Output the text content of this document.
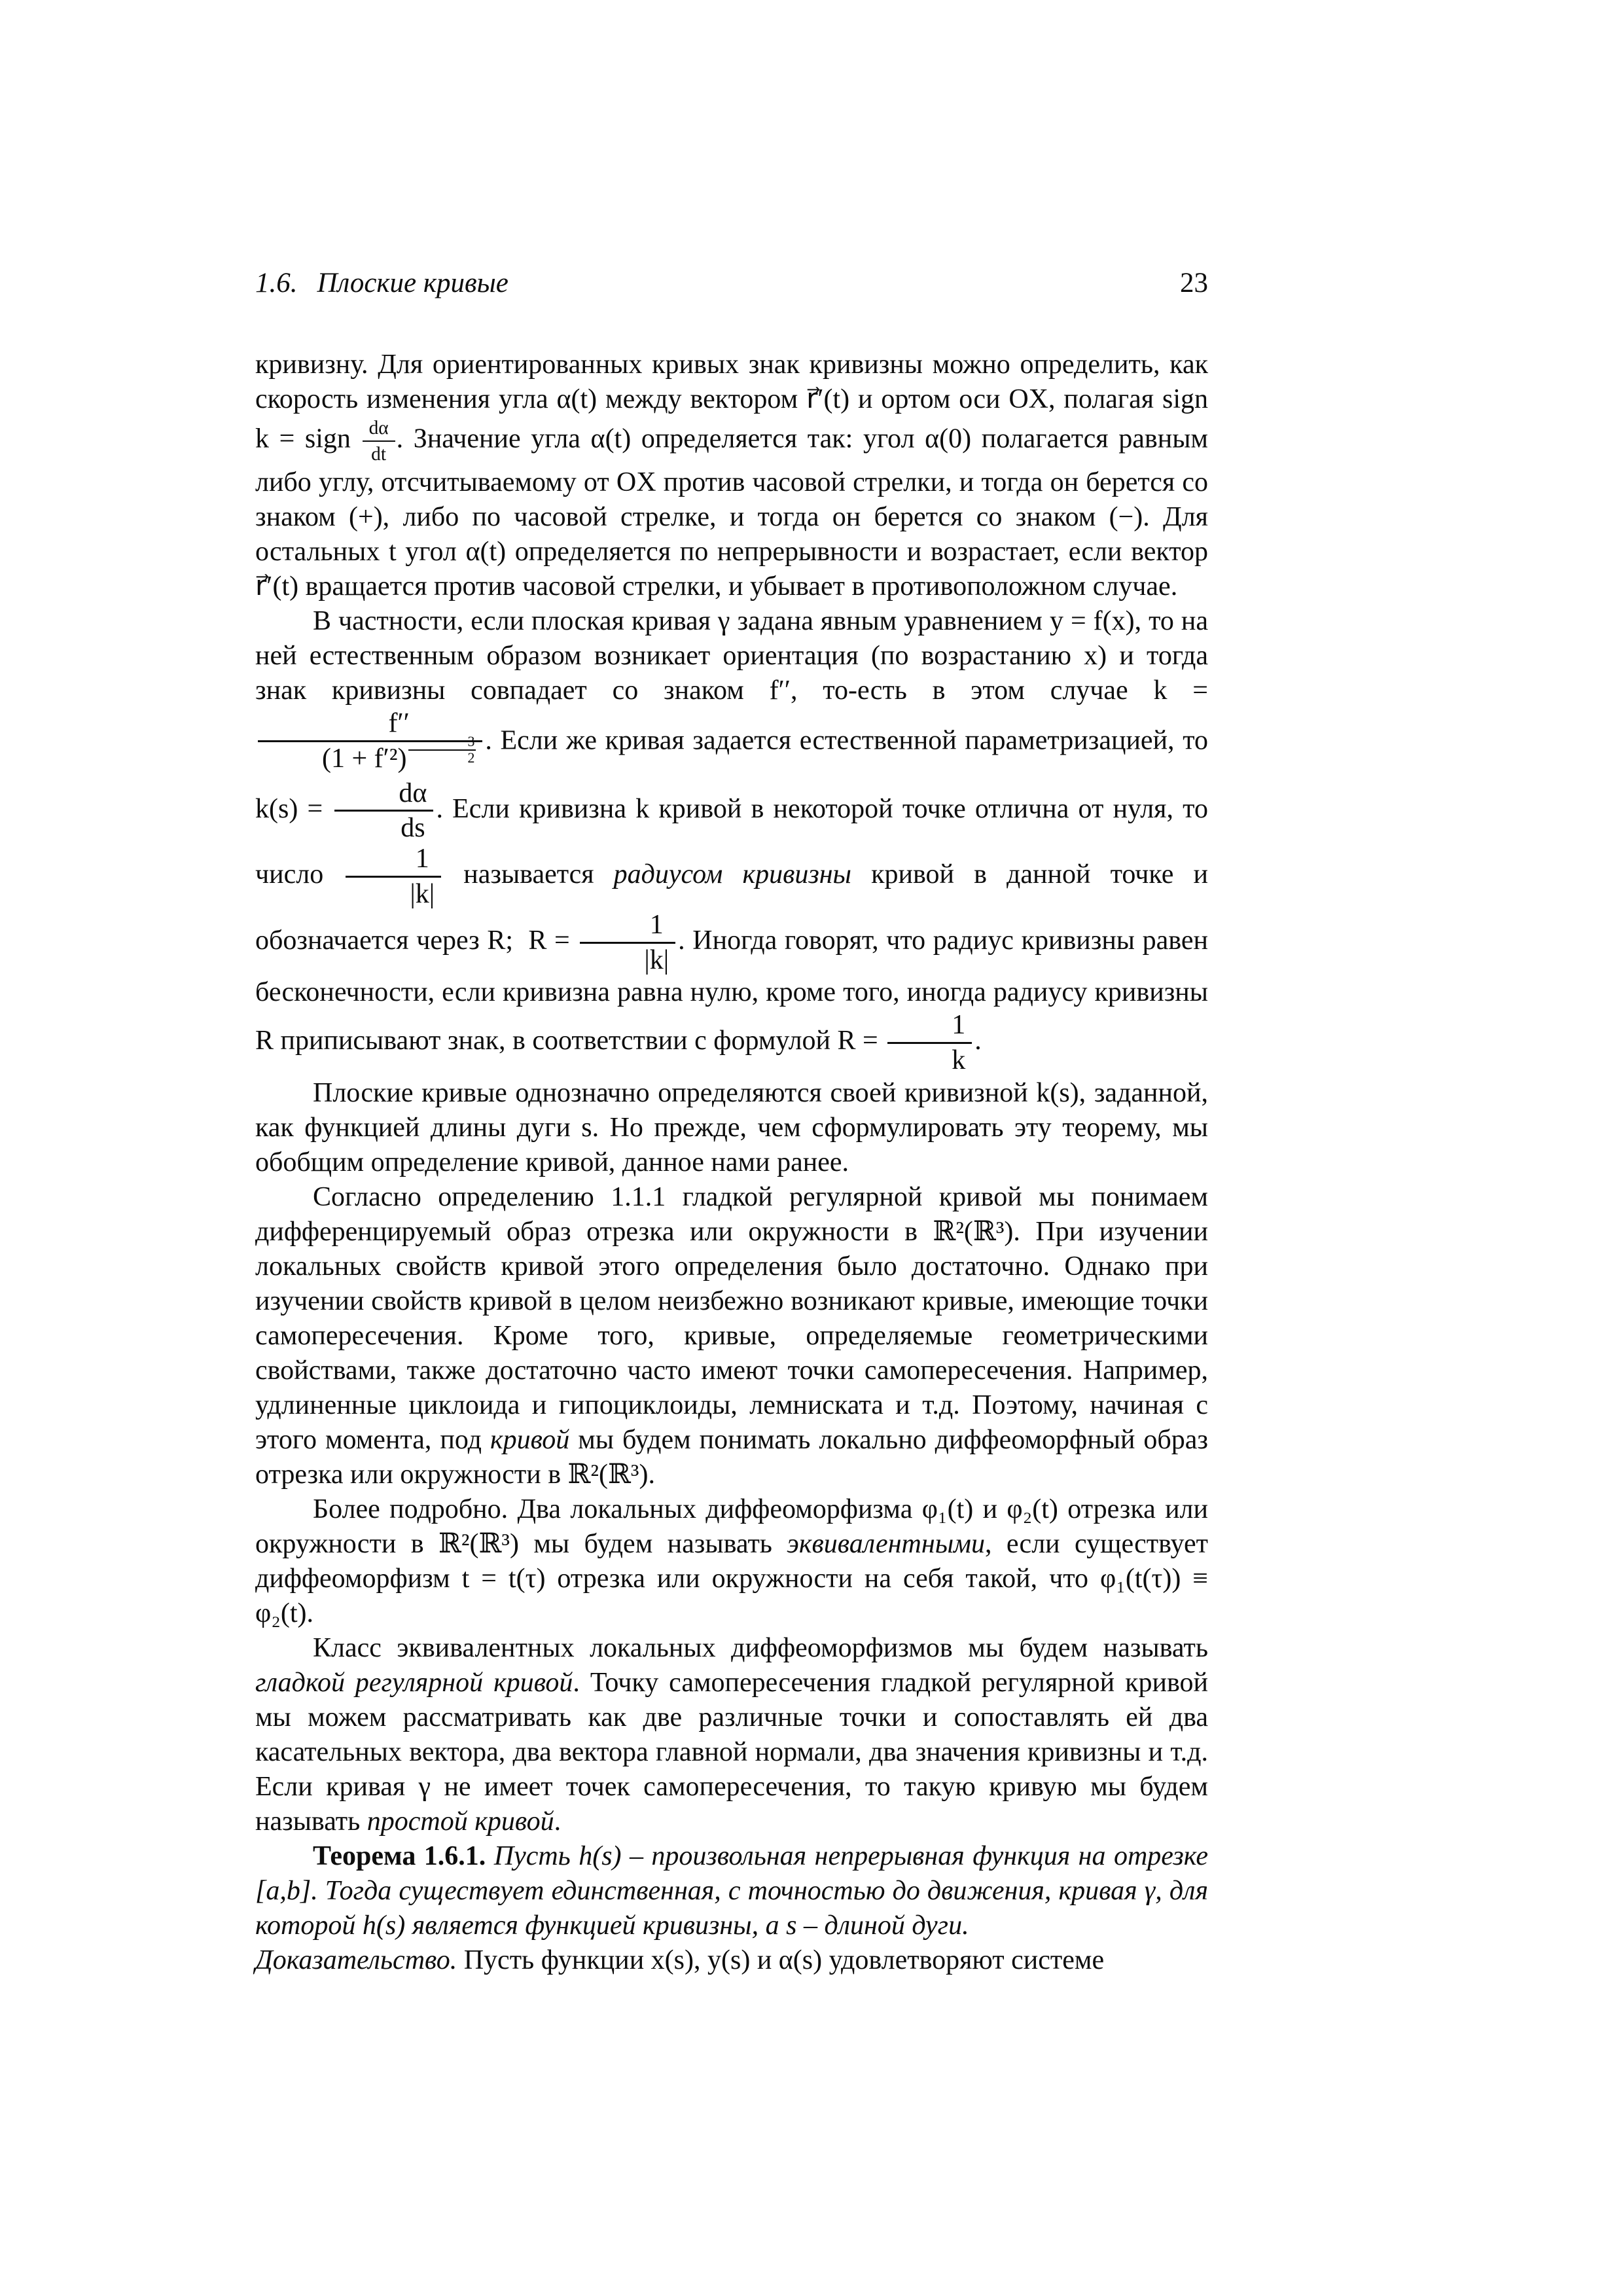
1.6. Плоские кривые	23

кривизну. Для ориентированных кривых знак кривизны можно определить, как скорость изменения угла α(t) между вектором r⃗′(t) и ортом оси OX, полагая sign k = sign $\frac{d\alpha}{dt}$ . Значение угла α(t) определяется так: угол α(0) полагается равным либо углу, отсчитываемому от OX против часовой стрелки, и тогда он берется со знаком (+), либо по часовой стрелке, и тогда он берется со знаком (−). Для остальных t угол α(t) определяется по непрерывности и возрастает, если вектор r⃗′(t) вращается против часовой стрелки, и убывает в противоположном случае.

В частности, если плоская кривая γ задана явным уравнением y = f(x), то на ней естественным образом возникает ориентация (по возрастанию x) и тогда знак кривизны совпадает со знаком f′′, то-есть в этом случае k =
$\frac{f''}{(1 + f'^2) \frac{3}{2}}$ . Если же кривая задается естественной параметризацией, то $k(s) = \frac{d\alpha}{ds}$ . Если кривизна k кривой в некоторой точке отлична от нуля, то число $\frac{1}{|k|}$ называется радиусом кривизны кривой в данной точке и обозначается через R;  $R = \frac{1}{|k|}$ . Иногда говорят, что радиус кривизны равен бесконечности, если кривизна равна нулю, кроме того, иногда радиусу кривизны R приписывают знак, в соответствии с формулой $R = \frac{1}{k}$ .

Плоские кривые однозначно определяются своей кривизной k(s), заданной, как функцией длины дуги s. Но прежде, чем сформулировать эту теорему, мы обобщим определение кривой, данное нами ранее.

Согласно определению 1.1.1 гладкой регулярной кривой мы понимаем дифференцируемый образ отрезка или окружности в ℝ²(ℝ³). При изучении локальных свойств кривой этого определения было достаточно. Однако при изучении свойств кривой в целом неизбежно возникают кривые, имеющие точки самопересечения. Кроме того, кривые, определяемые геометрическими свойствами, также достаточно часто имеют точки самопересечения. Например, удлиненные циклоида и гипоциклоиды, лемниската и т.д. Поэтому, начиная с этого момента, под кривой мы будем понимать локально диффеоморфный образ отрезка или окружности в ℝ²(ℝ³).

Более подробно. Два локальных диффеоморфизма φ₁(t) и φ₂(t) отрезка или окружности в ℝ²(ℝ³) мы будем называть эквивалентными, если существует диффеоморфизм t = t(τ) отрезка или окружности на себя такой, что φ₁(t(τ)) ≡ φ₂(t).

Класс эквивалентных локальных диффеоморфизмов мы будем называть гладкой регулярной кривой. Точку самопересечения гладкой регулярной кривой мы можем рассматривать как две различные точки и сопоставлять ей два касательных вектора, два вектора главной нормали, два значения кривизны и т.д. Если кривая γ не имеет точек самопересечения, то такую кривую мы будем называть простой кривой.

Теорема 1.6.1. Пусть h(s) – произвольная непрерывная функция на отрезке [a,b]. Тогда существует единственная, с точностью до движения, кривая γ, для которой h(s) является функцией кривизны, а s – длиной дуги.

Доказательство. Пусть функции x(s), y(s) и α(s) удовлетворяют системе
